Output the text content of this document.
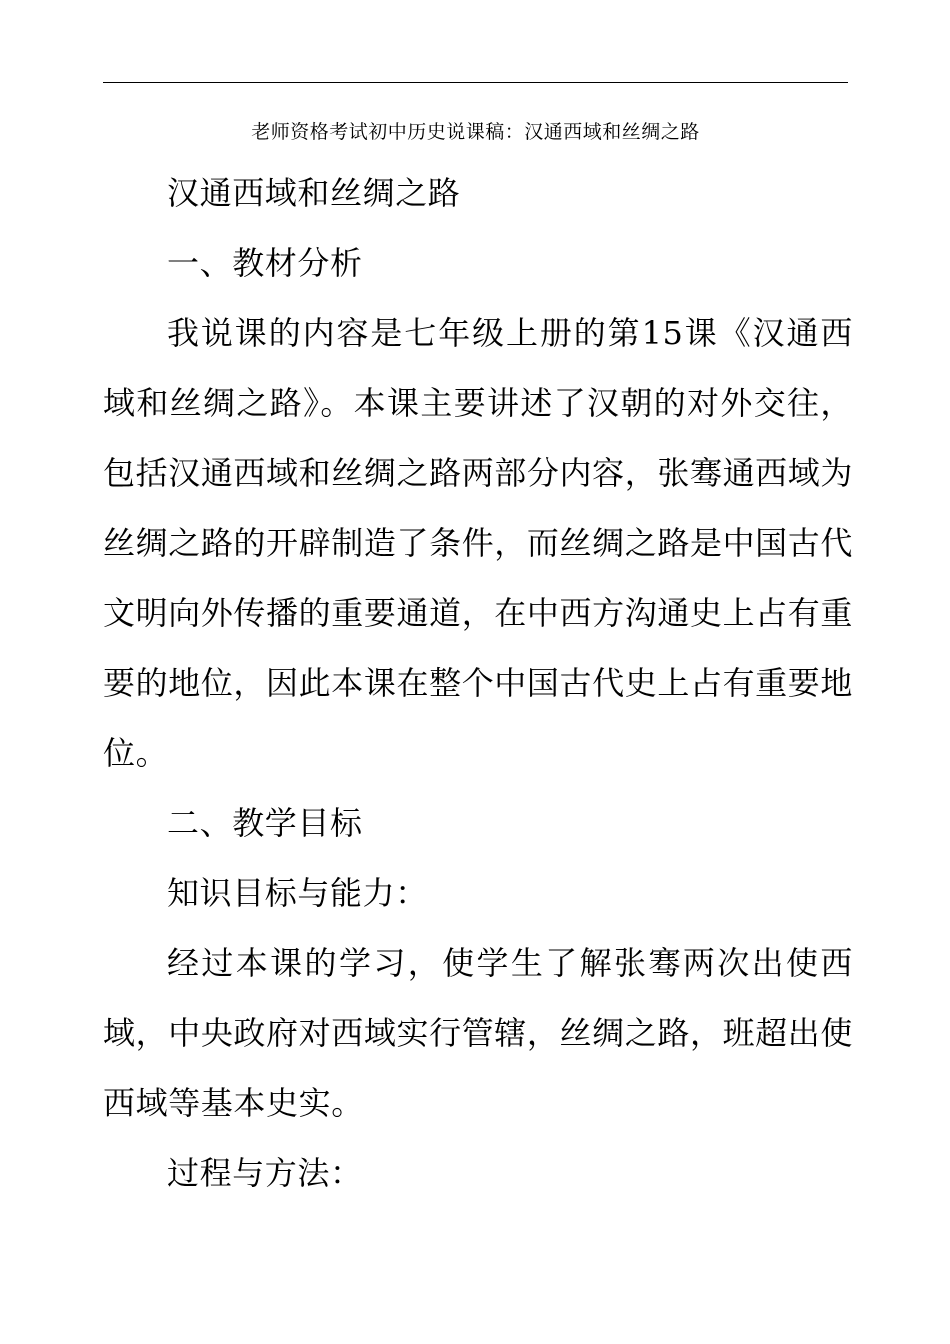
老师资格考试初中历史说课稿：汉通西域和丝绸之路

汉通西域和丝绸之路

一、教材分析

我说课的内容是七年级上册的第15课《汉通西域和丝绸之路》。本课主要讲述了汉朝的对外交往，包括汉通西域和丝绸之路两部分内容，张骞通西域为丝绸之路的开辟制造了条件，而丝绸之路是中国古代文明向外传播的重要通道，在中西方沟通史上占有重要的地位，因此本课在整个中国古代史上占有重要地位。

二、教学目标

知识目标与能力：

经过本课的学习，使学生了解张骞两次出使西域，中央政府对西域实行管辖，丝绸之路，班超出使西域等基本史实。

过程与方法：
